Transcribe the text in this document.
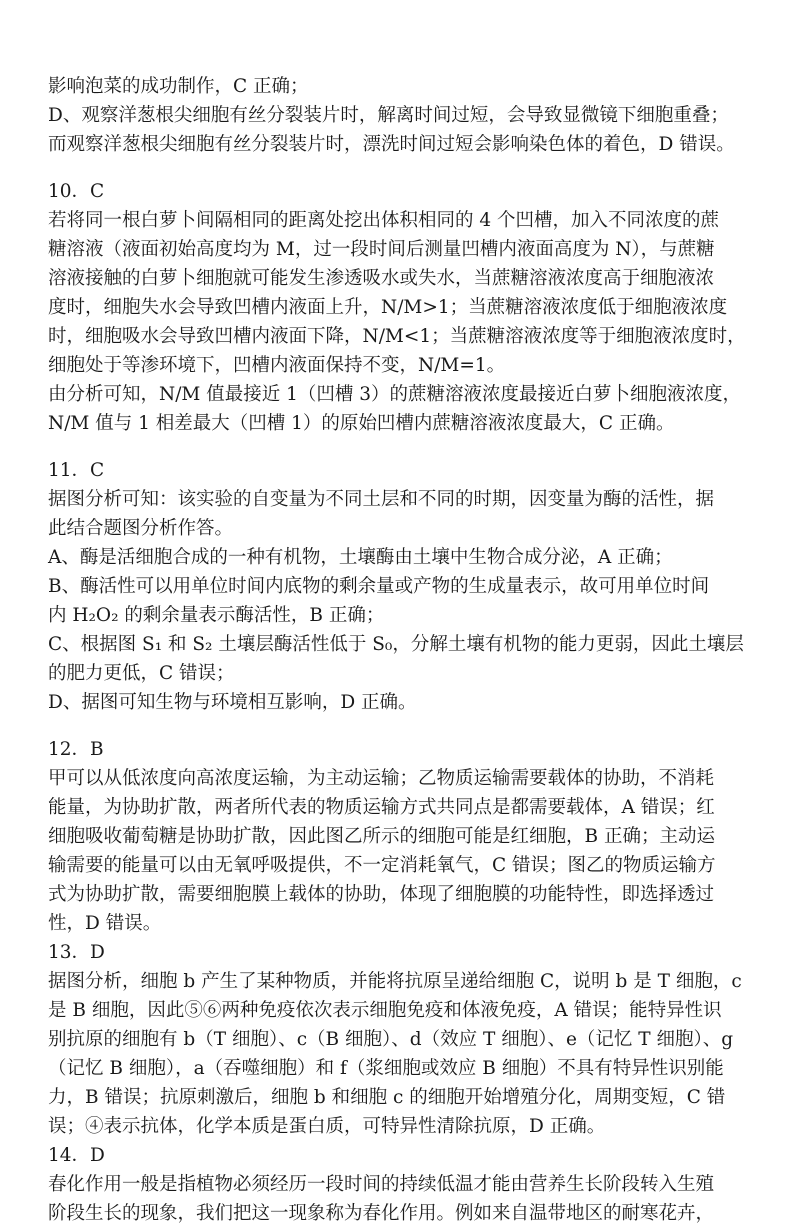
影响泡菜的成功制作，C 正确；

D、观察洋葱根尖细胞有丝分裂装片时，解离时间过短，会导致显微镜下细胞重叠；

而观察洋葱根尖细胞有丝分裂装片时，漂洗时间过短会影响染色体的着色，D 错误。

10．C

若将同一根白萝卜间隔相同的距离处挖出体积相同的 4 个凹槽，加入不同浓度的蔗

糖溶液（液面初始高度均为 M，过一段时间后测量凹槽内液面高度为 N），与蔗糖

溶液接触的白萝卜细胞就可能发生渗透吸水或失水，当蔗糖溶液浓度高于细胞液浓

度时，细胞失水会导致凹槽内液面上升，N/M>1；当蔗糖溶液浓度低于细胞液浓度

时，细胞吸水会导致凹槽内液面下降，N/M<1；当蔗糖溶液浓度等于细胞液浓度时，

细胞处于等渗环境下，凹槽内液面保持不变，N/M=1。

由分析可知，N/M 值最接近 1（凹槽 3）的蔗糖溶液浓度最接近白萝卜细胞液浓度，

N/M 值与 1 相差最大（凹槽 1）的原始凹槽内蔗糖溶液浓度最大，C 正确。

11．C

据图分析可知：该实验的自变量为不同土层和不同的时期，因变量为酶的活性，据

此结合题图分析作答。

A、酶是活细胞合成的一种有机物，土壤酶由土壤中生物合成分泌，A 正确；

B、酶活性可以用单位时间内底物的剩余量或产物的生成量表示，故可用单位时间

内 H₂O₂ 的剩余量表示酶活性，B 正确；

C、根据图 S₁ 和 S₂ 土壤层酶活性低于 S₀，分解土壤有机物的能力更弱，因此土壤层

的肥力更低，C 错误；

D、据图可知生物与环境相互影响，D 正确。

12．B

甲可以从低浓度向高浓度运输，为主动运输；乙物质运输需要载体的协助，不消耗

能量，为协助扩散，两者所代表的物质运输方式共同点是都需要载体，A 错误；红

细胞吸收葡萄糖是协助扩散，因此图乙所示的细胞可能是红细胞，B 正确；主动运

输需要的能量可以由无氧呼吸提供，不一定消耗氧气，C 错误；图乙的物质运输方

式为协助扩散，需要细胞膜上载体的协助，体现了细胞膜的功能特性，即选择透过

性，D 错误。

13．D

据图分析，细胞 b 产生了某种物质，并能将抗原呈递给细胞 C，说明 b 是 T 细胞，c

是 B 细胞，因此⑤⑥两种免疫依次表示细胞免疫和体液免疫，A 错误；能特异性识

别抗原的细胞有 b（T 细胞）、c（B 细胞）、d（效应 T 细胞）、e（记忆 T 细胞）、g

（记忆 B 细胞），a（吞噬细胞）和 f（浆细胞或效应 B 细胞）不具有特异性识别能

力，B 错误；抗原刺激后，细胞 b 和细胞 c 的细胞开始增殖分化，周期变短，C 错

误；④表示抗体，化学本质是蛋白质，可特异性清除抗原，D 正确。

14．D

春化作用一般是指植物必须经历一段时间的持续低温才能由营养生长阶段转入生殖

阶段生长的现象，我们把这一现象称为春化作用。例如来自温带地区的耐寒花卉，
